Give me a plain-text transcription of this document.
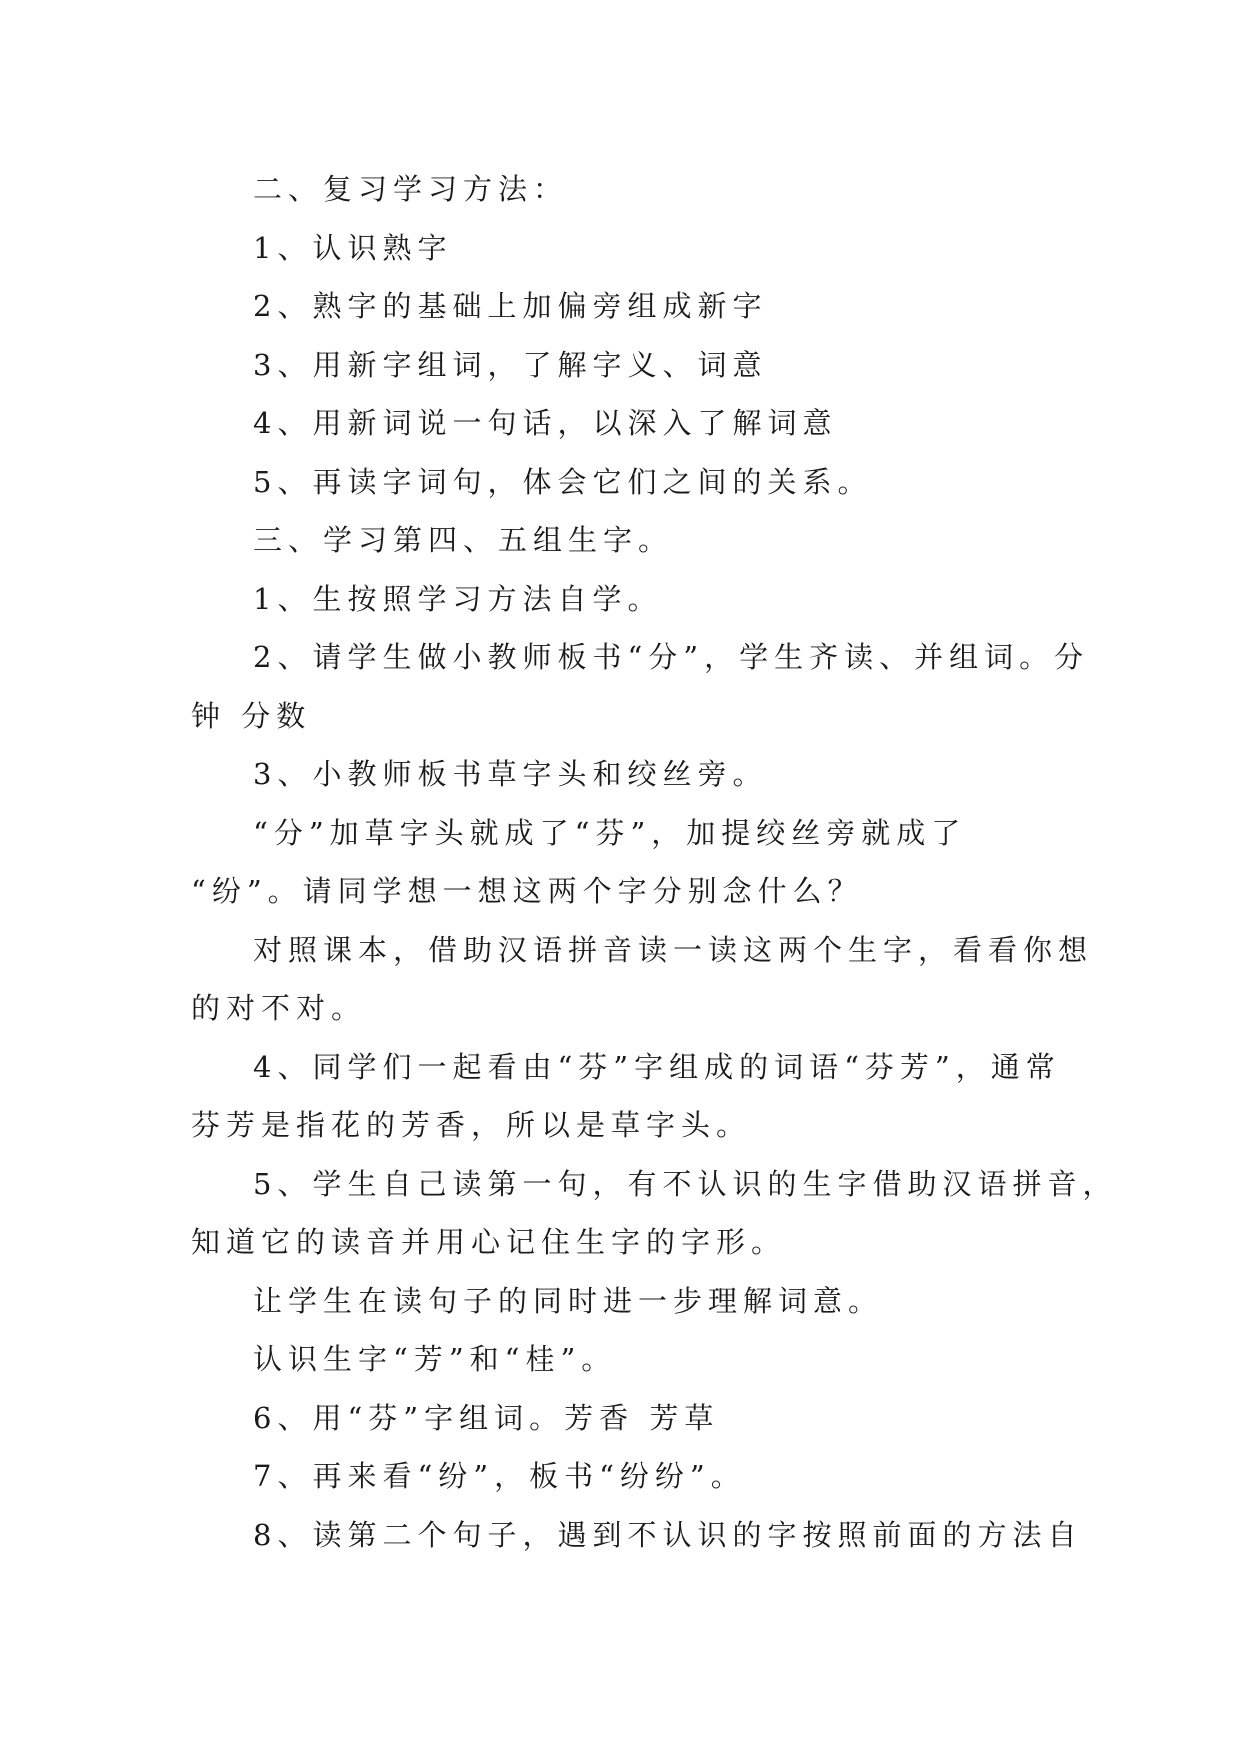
二、复习学习方法：
1、认识熟字
2、熟字的基础上加偏旁组成新字
3、用新字组词，了解字义、词意
4、用新词说一句话，以深入了解词意
5、再读字词句，体会它们之间的关系。
三、学习第四、五组生字。
1、生按照学习方法自学。
2、请学生做小教师板书“分”，学生齐读、并组词。分
钟 分数
3、小教师板书草字头和绞丝旁。
“分”加草字头就成了“芬”，加提绞丝旁就成了
“纷”。请同学想一想这两个字分别念什么？
对照课本，借助汉语拼音读一读这两个生字，看看你想
的对不对。
4、同学们一起看由“芬”字组成的词语“芬芳”，通常
芬芳是指花的芳香，所以是草字头。
5、学生自己读第一句，有不认识的生字借助汉语拼音，
知道它的读音并用心记住生字的字形。
让学生在读句子的同时进一步理解词意。
认识生字“芳”和“桂”。
6、用“芬”字组词。芳香 芳草
7、再来看“纷”，板书“纷纷”。
8、读第二个句子，遇到不认识的字按照前面的方法自
